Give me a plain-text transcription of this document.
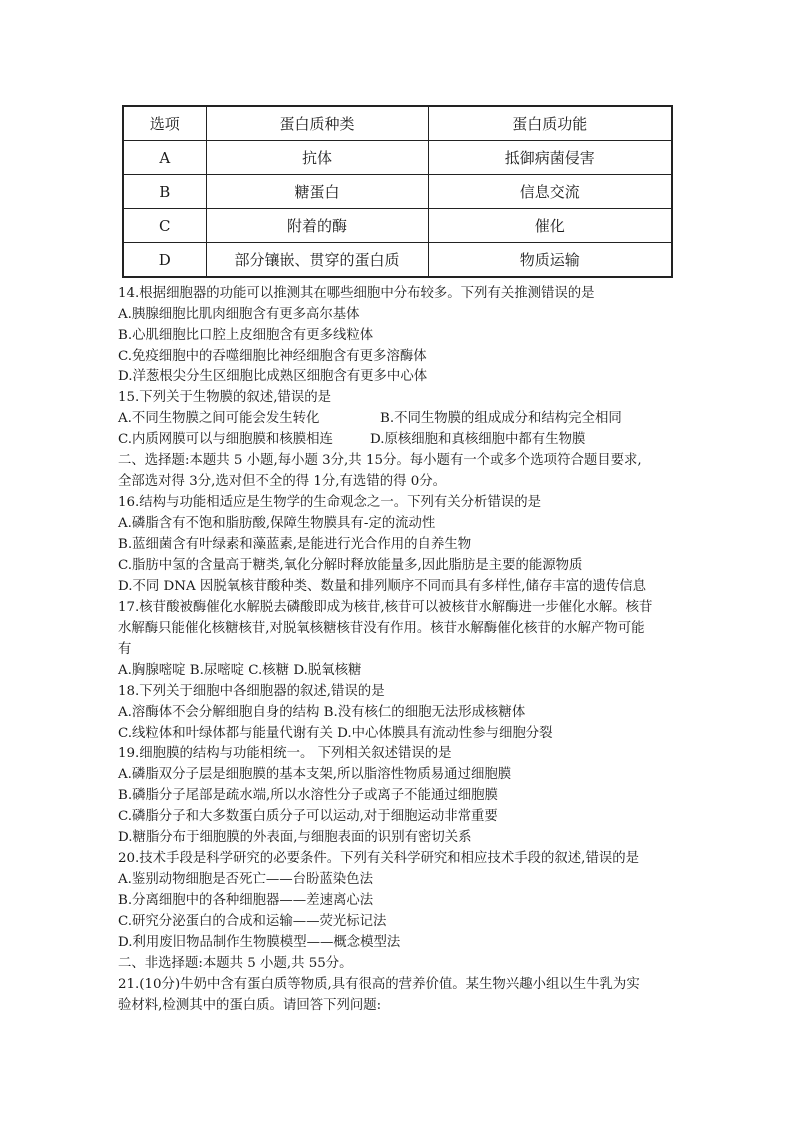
选项	蛋白质种类	蛋白质功能
A	抗体	抵御病菌侵害
B	糖蛋白	信息交流
C	附着的酶	催化
D	部分镶嵌、贯穿的蛋白质	物质运输
14.根据细胞器的功能可以推测其在哪些细胞中分布较多。下列有关推测错误的是
A.胰腺细胞比肌肉细胞含有更多高尔基体
B.心肌细胞比口腔上皮细胞含有更多线粒体
C.免疫细胞中的吞噬细胞比神经细胞含有更多溶酶体
D.洋葱根尖分生区细胞比成熟区细胞含有更多中心体
15.下列关于生物膜的叙述,错误的是
A.不同生物膜之间可能会发生转化	B.不同生物膜的组成成分和结构完全相同
C.内质网膜可以与细胞膜和核膜相连	D.原核细胞和真核细胞中都有生物膜
二、选择题:本题共 5 小题,每小题 3分,共 15分。每小题有一个或多个选项符合题目要求,
全部选对得 3分,选对但不全的得 1分,有选错的得 0分。
16.结构与功能相适应是生物学的生命观念之一。下列有关分析错误的是
A.磷脂含有不饱和脂肪酸,保障生物膜具有-定的流动性
B.蓝细菌含有叶绿素和藻蓝素,是能进行光合作用的自养生物
C.脂肪中氢的含量高于糖类,氧化分解时释放能量多,因此脂肪是主要的能源物质
D.不同 DNA 因脱氧核苷酸种类、数量和排列顺序不同而具有多样性,储存丰富的遗传信息
17.核苷酸被酶催化水解脱去磷酸即成为核苷,核苷可以被核苷水解酶进一步催化水解。核苷
水解酶只能催化核糖核苷,对脱氧核糖核苷没有作用。核苷水解酶催化核苷的水解产物可能
有
A.胸腺嘧啶 B.尿嘧啶 C.核糖 D.脱氧核糖
18.下列关于细胞中各细胞器的叙述,错误的是
A.溶酶体不会分解细胞自身的结构 B.没有核仁的细胞无法形成核糖体
C.线粒体和叶绿体都与能量代谢有关 D.中心体膜具有流动性参与细胞分裂
19.细胞膜的结构与功能相统一。 下列相关叙述错误的是
A.磷脂双分子层是细胞膜的基本支架,所以脂溶性物质易通过细胞膜
B.磷脂分子尾部是疏水端,所以水溶性分子或离子不能通过细胞膜
C.磷脂分子和大多数蛋白质分子可以运动,对于细胞运动非常重要
D.糖脂分布于细胞膜的外表面,与细胞表面的识别有密切关系
20.技术手段是科学研究的必要条件。下列有关科学研究和相应技术手段的叙述,错误的是
A.鉴别动物细胞是否死亡——台盼蓝染色法
B.分离细胞中的各种细胞器——差速离心法
C.研究分泌蛋白的合成和运输——荧光标记法
D.利用废旧物品制作生物膜模型——概念模型法
二、非选择题:本题共 5 小题,共 55分。
21.(10分)牛奶中含有蛋白质等物质,具有很高的营养价值。某生物兴趣小组以生牛乳为实
验材料,检测其中的蛋白质。请回答下列问题:
